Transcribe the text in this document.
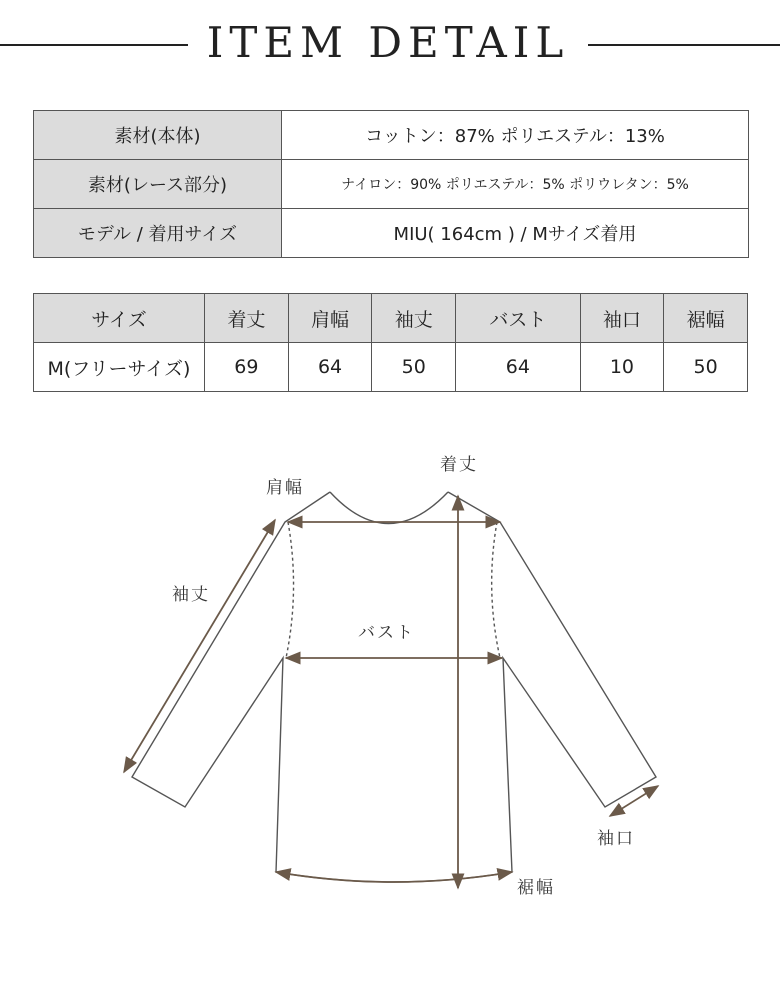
ITEM DETAIL
素材(本体)	コットン：87% ポリエステル：13%
素材(レース部分)	ナイロン：90% ポリエステル：5% ポリウレタン：5%
モデル / 着用サイズ	MIU( 164cm ) / Mサイズ着用
サイズ	着丈	肩幅	袖丈	バスト	袖口	裾幅
M(フリーサイズ)	69	64	50	64	10	50
着丈
肩幅
袖丈
バスト
袖口
裾幅
